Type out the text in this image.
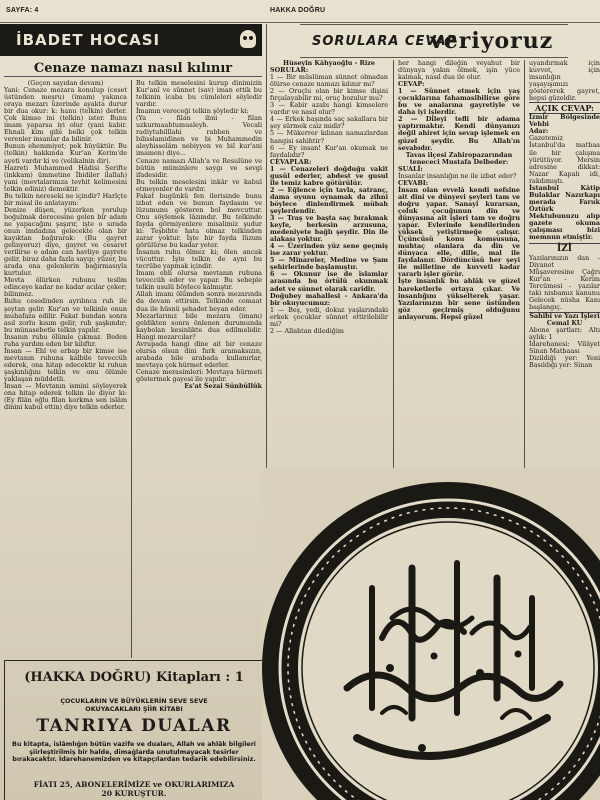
SAYFA: 4	HAKKA DOĞRU
İBADET HOCASI	SORULARA CEVAP
veriyoruz
Cenaze namazı nasıl kılınır

(Geçen sayıdan devam)

Yani: Cenaze mezara konulup (ceset üstünden meşru) (imam) yakınca oraya mezarı üzerinde ayakta durur bir dua okur: k: hanu (telkin) derler. Çok kimse ini (telkin) ister. Bunu imam yaparsa iyi olur (yani kabir. Ehnali kim gibi belki çok telkin verenler insanlar da bilinir.

Bunun ehemmiyet; pek büyüktür. Bu (telkin) hakkında Kur'an Kerim'de ayeti vardır ki ve (velikalnin dir).

Hazreti Muhammed Hâdisi Şerifte (inkkam) ümmetine İbidiler ilallah) yani (mevtalarınıza tevhit kelimesini telkin ediniz) demektir.

Bu telkin nereseki ne içindir? Harîçte bir misal ile anlatayım:

Denize düşen, yüzerken yorulup boğulmak derecesine gelen bir adam ne yapacağını şaşırır, işte o sırada onun imdadına gelecekte olan bir kayıktan bağırarak: (Bu gayret gelinyoruz) diye, gayret ve cesaret verilirse o adam can havliye gayrete gelir, biraz daha fazla sayıp; yüzer, bu arada ona gelenlerin bağırmasıyla kurtulur.

Mevta ölürken ruhunu teslim edinceye kadar ne kadar acılar çeker; bilinmez.

Ruhu cesedinden ayrılınca ruh ile şeytan gelir. Kur'an ve telkinle onun muhafaza edilir. Fakat bundan sonra asıl zorlu kısım gelir, ruh şaşkındır; bu münasebetle telkin yapılır.

İnsanın ruhu ölümle çıkmaz. Beden ruha yardım eden bir kılıftır.

İnsan — Ehl ve erbap bir kimse ise mevtanın ruhuna kalbile teveccüh ederek, ona hitap edecektir ki ruhun şaşkınlığını telkin ve onu ölümle yaklaşan müddetli.

İnsan — Mevtanın ismini söyleyerek ona hitap ederek telkin ile diyor ki: (Ey filân oğlu filan korkma sen islâm dinini kabul ettin) diye telkin ederler.

Bu telkin meselesini kurup dinimizin Kur'anî ve sünnet (sav) iman ettik bu telkinin icaba bu cümleleri söyledir vardır.

İmamın vereceği telkin şöyledir ki:

(Ya - filan ibni - filan uzkurmaahtumualeyh. Vecali radiytubilllahi rabben ve bilisslamidinen ve bi Muhammedin aleyhisselâm nebiyyen ve bil kur'ani imamen) diye...

Cenaze namazı Allah'a ve Resulüne ve bütün müminlere saygı ve sevgi ifadesidir.

Bu telkin meselesini inkâr ve kabul etmeyenler de vardır.

Fakat bugünkü fen ilerisinde bunu izbat eden ve bunun faydasını ve lüzumunu gösteren bol mevcuttur. Onu söylemek lâzımdır. Bu telkinde fayda görmiyenlere misalimiz şudur ki: Teşbihte hata olmaz telkinden zarar yoktur. İşte bir fayda lüzum görülürse bu kadar yeter.

İnsanın ruhu ölmez ki; ölen ancak vücuttur. İşte telkin de ayni bu tecrübe yapmak içindir.

İmam ehli olursa mevtanın ruhuna teveccüh eder ve yapar. Bu sebeple telkin usulü böylece kalmıştır.

Allah imanı ölümden sonra mezarında da devam ettirsin. Telkinde cemaat dua ile hüsnü şehadet beyan eder.

Mezarlarınız bile mezara (imam) geldikten sonra önlenen durumunda kaybolan kesinlikte dua edilmelidir. Hangi mezarcılar?

Avrupada hangi dine ait bir cenaze olursa olsun dini fark aramaksızın, arabada bile arabada kullanırlar, mevtaya çok hürmet ederler.

Cenaze merasimleri: Mevtaya hürmeti göstermek gayesi ile yapılır.

Es'at Sezai Sünbüllük

Hüseyin Kâhyaoğlu - Rize

SORULAR:

1 — Bir müslüman sünnet olmadan ölürse cenaze namazı kılınır mı?

2 — Oruçlu olan bir kimse dişini fırçalayabilir mi, oruç bozulur mu?

3 — Kabir azabı hangi kimselere vardır ve nasıl olur?

4 — Erkek başında saç sakallara bir şey sürmek caiz midir?

5 — Mükerrer kılınan namazlardan hangisi sahihtir?

6 — Ey insan! Kur'an okumak ne faydalıdır?

CEVAPLAR:

1 — Cenazeleri doğduğu vakit gusül ederler, abdest ve gusul ile temiz kabre götürülür.

2 — Eğlence için tavla, satranç, dama oyunu oynamak da zihni böylece dinlendirmek mübah şeylerdendir.

3 — Traş ve başta saç bırakmak keyfe, herkesin arzusuna, medeniyete bağlı şeydir. Din ile alakası yoktur.

4 — Üzerinden yüz sene geçmiş ise zarar yoktur.

5 — Minareler, Medine ve Şam şehirlerinde başlamıştır.

6 — Okunur ise de islamlar arasında bu örtülü okunmak adet ve sünnet olarak caridir.

Doğubey mahallesi - Ankara'da bir okuyucumuz:

1 — Beş, yedi, dokuz yaşlarındaki erkek çocuklar sünnet ettirilebilir mi?

2 — Allahtan dilediğim

her hangi dileğin veyahut bir dünyaya yakın ölmek, işin yüce kalmak, nasıl dua ile olur.

CEVAP:

1 — Sünnet etmek için yaş çocuklarına fahamasibilirse göre bu ve analarına gayretiyle ve daha iyi işlerdir.

2 — Dileyi tefli bir adama yaptırmaktır. Kendi dünyanızı değil ahiret için sevap işlemek en güzel şeydir. Bu Allah'ın sevabıdır.

Tavas ilçesi Zahiropazarından tenececi Mustafa Delbeder:

SUALİ:

İnsanlar insanlığın ne ile izbat eder?

CEVABI:

İnsan olan evvelâ kendi nefsine ait dini ve dünyevi şeyleri tam ve doğru yapar. Sanayi kurarsan, çoluk çocuğunun din ve dünyasına ait işleri tam ve doğru yapar. Evlerinde kendilerinden yüksek yetiştirmeğe çalışır. Üçüncüsü konu komşusuna, muhtaç olanlara da din ve dünyaca elle, dille, mal ile faydalanır. Dördüncüsü her şeyi ile milletine de kuvveti kadar yararlı işler görür.

İşte insanlık bu ahlâk ve güzel hareketlerle ortaya çıkar. Ve insanlığını yükselterek yaşar. Yazılarınızın bir sene üstünden göz geçirmiş olduğunu anlayorum. Hepsi güzel

uyandırmak için kuvvet, için insanlığın yaşayışımızı göstererek gayret, hepsi güzeldir.

AÇIK CEVAP:

İzmir Bölgesinde Vehbi

Adar:

Gazetemiz İstanbul'da matbaa ile bir çalışma yürütüyor. Mersin adresine dikkat: Nazar Kapalı idi, rakdımıştı.

İstanbul Kâtip Bulaklar Nazırkapı merada Faruk Öztürk Mektubunuzu alıp gazete okuma çalışması bizi memnun etmiştir.

İZİ

Yazılarınızın dan - Diyanet Müşaveresine Çağrı Kur'an - Kerim Tercümesi - yazılar taki nisbamız kanunu Gelecek nüsha Kanı başlangıç.

Sahibi ve Yazı İşleri Cemal KU

Abone şartları: Altı aylık: 1

İdarehanesi: Vilâyet Sinan Matbaası

Dizildiği yer: Yeni Basıldığı yer: Sinan

(HAKKA DOĞRU) Kitapları : 1
ÇOCUKLARIN VE BÜYÜKLERİN SEVE SEVE
OKUYACAKLARI ŞİİR KİTABI
TANRIYA DUALAR
Bu kitapta, islâmlığın bütün vazife ve duaları, Allah ve ahlâk bilgileri şiirleştirilmiş bir halde, dimağlarda unutulmayacak tesirler bırakacaktır. İdarehanemizden ve kitapçılardan tedarik edebilirsiniz.
FİATI 25, ABONELERİMİZE ve OKURLARIMIZA
20 KURUŞTUR.
